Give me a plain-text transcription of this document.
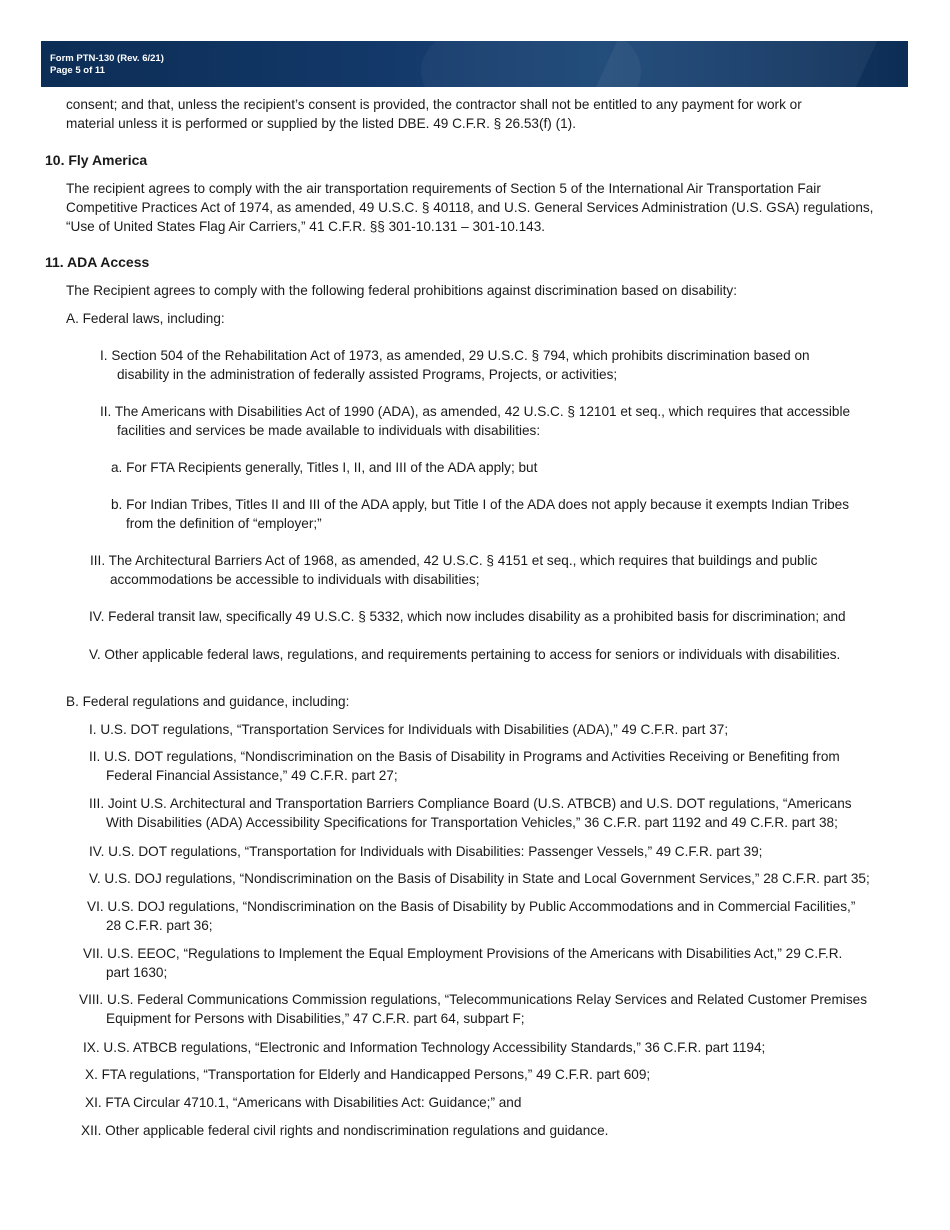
Form PTN-130 (Rev. 6/21)
Page 5 of 11
consent; and that, unless the recipient’s consent is provided, the contractor shall not be entitled to any payment for work or
material unless it is performed or supplied by the listed DBE. 49 C.F.R. § 26.53(f) (1).
10. Fly America
The recipient agrees to comply with the air transportation requirements of Section 5 of the International Air Transportation Fair
Competitive Practices Act of 1974, as amended, 49 U.S.C. § 40118, and U.S. General Services Administration (U.S. GSA) regulations,
“Use of United States Flag Air Carriers,” 41 C.F.R. §§ 301-10.131 – 301-10.143.
11. ADA Access
The Recipient agrees to comply with the following federal prohibitions against discrimination based on disability:
A. Federal laws, including:
I. Section 504 of the Rehabilitation Act of 1973, as amended, 29 U.S.C. § 794, which prohibits discrimination based on
disability in the administration of federally assisted Programs, Projects, or activities;
II. The Americans with Disabilities Act of 1990 (ADA), as amended, 42 U.S.C. § 12101 et seq., which requires that accessible
facilities and services be made available to individuals with disabilities:
a. For FTA Recipients generally, Titles I, II, and III of the ADA apply; but
b. For Indian Tribes, Titles II and III of the ADA apply, but Title I of the ADA does not apply because it exempts Indian Tribes
from the definition of “employer;”
III. The Architectural Barriers Act of 1968, as amended, 42 U.S.C. § 4151 et seq., which requires that buildings and public
accommodations be accessible to individuals with disabilities;
IV. Federal transit law, specifically 49 U.S.C. § 5332, which now includes disability as a prohibited basis for discrimination; and
V. Other applicable federal laws, regulations, and requirements pertaining to access for seniors or individuals with disabilities.
B. Federal regulations and guidance, including:
I. U.S. DOT regulations, “Transportation Services for Individuals with Disabilities (ADA),” 49 C.F.R. part 37;
II. U.S. DOT regulations, “Nondiscrimination on the Basis of Disability in Programs and Activities Receiving or Benefiting from
Federal Financial Assistance,” 49 C.F.R. part 27;
III. Joint U.S. Architectural and Transportation Barriers Compliance Board (U.S. ATBCB) and U.S. DOT regulations, “Americans
With Disabilities (ADA) Accessibility Specifications for Transportation Vehicles,” 36 C.F.R. part 1192 and 49 C.F.R. part 38;
IV. U.S. DOT regulations, “Transportation for Individuals with Disabilities: Passenger Vessels,” 49 C.F.R. part 39;
V. U.S. DOJ regulations, “Nondiscrimination on the Basis of Disability in State and Local Government Services,” 28 C.F.R. part 35;
VI. U.S. DOJ regulations, “Nondiscrimination on the Basis of Disability by Public Accommodations and in Commercial Facilities,”
28 C.F.R. part 36;
VII. U.S. EEOC, “Regulations to Implement the Equal Employment Provisions of the Americans with Disabilities Act,” 29 C.F.R.
part 1630;
VIII. U.S. Federal Communications Commission regulations, “Telecommunications Relay Services and Related Customer Premises
Equipment for Persons with Disabilities,” 47 C.F.R. part 64, subpart F;
IX. U.S. ATBCB regulations, “Electronic and Information Technology Accessibility Standards,” 36 C.F.R. part 1194;
X. FTA regulations, “Transportation for Elderly and Handicapped Persons,” 49 C.F.R. part 609;
XI. FTA Circular 4710.1, “Americans with Disabilities Act: Guidance;” and
XII. Other applicable federal civil rights and nondiscrimination regulations and guidance.
